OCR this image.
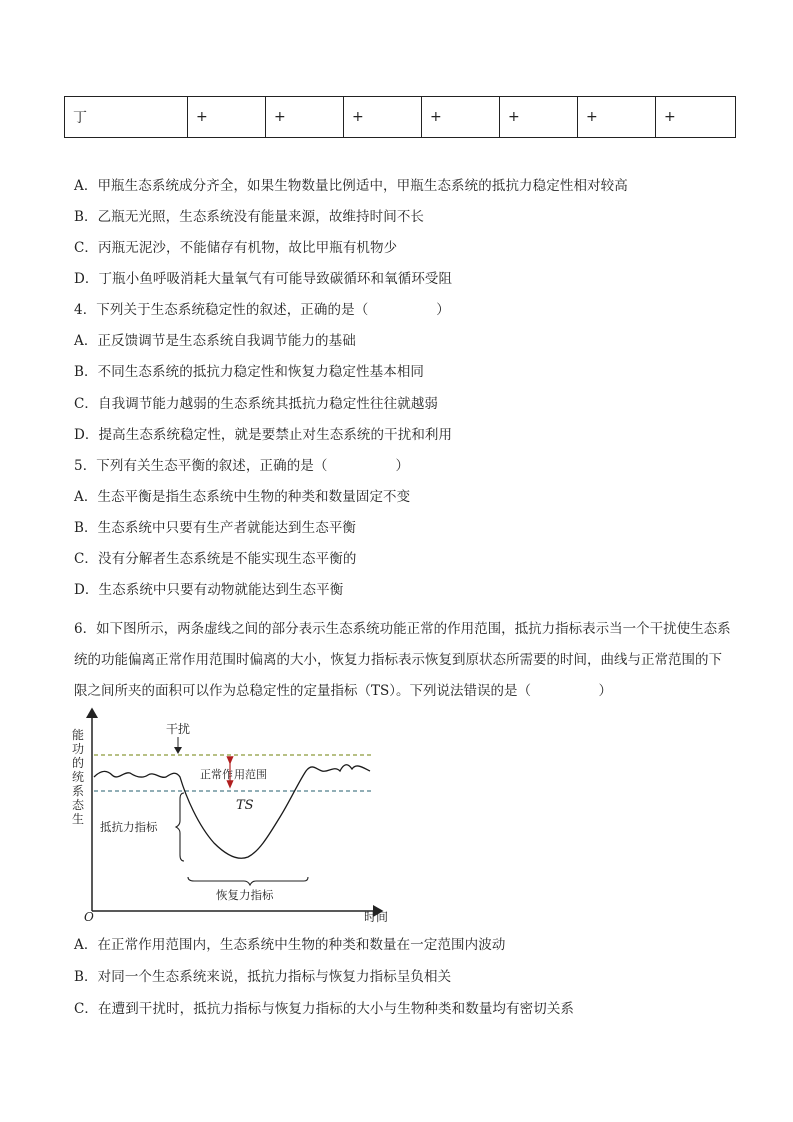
丁	+	+	+	+	+	+	+
A．甲瓶生态系统成分齐全，如果生物数量比例适中，甲瓶生态系统的抵抗力稳定性相对较高
B．乙瓶无光照，生态系统没有能量来源，故维持时间不长
C．丙瓶无泥沙，不能储存有机物，故比甲瓶有机物少
D．丁瓶小鱼呼吸消耗大量氧气有可能导致碳循环和氧循环受阻
4．下列关于生态系统稳定性的叙述，正确的是（　　　　　）
A．正反馈调节是生态系统自我调节能力的基础
B．不同生态系统的抵抗力稳定性和恢复力稳定性基本相同
C．自我调节能力越弱的生态系统其抵抗力稳定性往往就越弱
D．提高生态系统稳定性，就是要禁止对生态系统的干扰和利用
5．下列有关生态平衡的叙述，正确的是（　　　　　）
A．生态平衡是指生态系统中生物的种类和数量固定不变
B．生态系统中只要有生产者就能达到生态平衡
C．没有分解者生态系统是不能实现生态平衡的
D．生态系统中只要有动物就能达到生态平衡
6．如下图所示，两条虚线之间的部分表示生态系统功能正常的作用范围，抵抗力指标表示当一个干扰使生态系统的功能偏离正常作用范围时偏离的大小，恢复力指标表示恢复到原状态所需要的时间，曲线与正常范围的下限之间所夹的面积可以作为总稳定性的定量指标（TS）。下列说法错误的是（　　　　　）
生态系统的功能
O	时间
干扰
正常作 用范围
TS
抵抗力指标
恢复力指标
A．在正常作用范围内，生态系统中生物的种类和数量在一定范围内波动
B．对同一个生态系统来说，抵抗力指标与恢复力指标呈负相关
C．在遭到干扰时，抵抗力指标与恢复力指标的大小与生物种类和数量均有密切关系
